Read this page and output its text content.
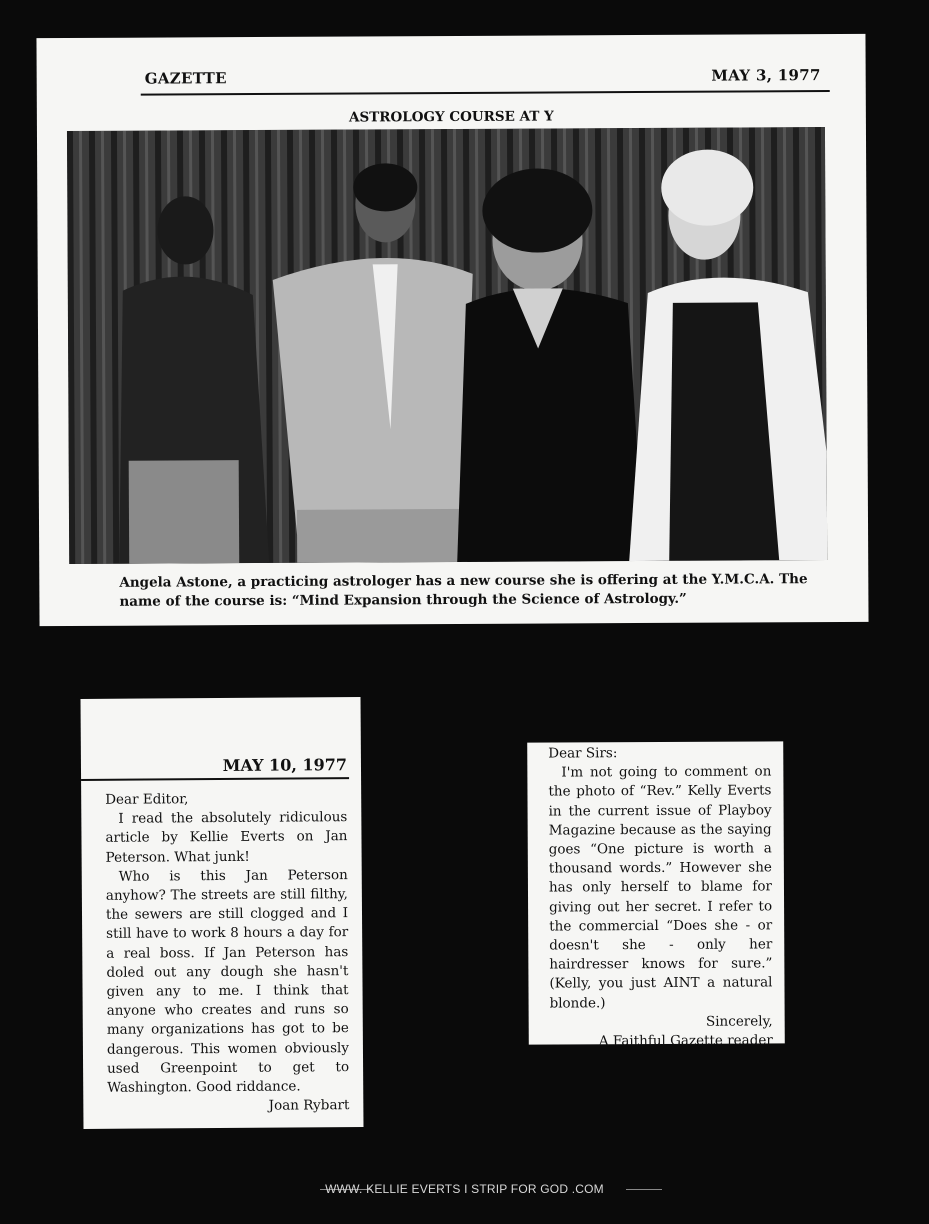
GAZETTE	MAY 3, 1977
ASTROLOGY COURSE AT Y
Angela Astone, a practicing astrologer has a new course she is offering at the Y.M.C.A. The name of the course is: “Mind Expansion through the Science of Astrology.”
MAY 10, 1977

Dear Editor,

I read the absolutely ridiculous article by Kellie Everts on Jan Peterson. What junk!

Who is this Jan Peterson anyhow? The streets are still filthy, the sewers are still clogged and I still have to work 8 hours a day for a real boss. If Jan Peterson has doled out any dough she hasn't given any to me. I think that anyone who creates and runs so many organizations has got to be dangerous. This women obviously used Greenpoint to get to Washington. Good riddance.

Joan Rybart

Dear Sirs:

I'm not going to comment on the photo of “Rev.” Kelly Everts in the current issue of Playboy Magazine because as the saying goes “One picture is worth a thousand words.” However she has only herself to blame for giving out her secret. I refer to the commercial “Does she - or doesn't she - only her hairdresser knows for sure.” (Kelly, you just AINT a natural blonde.)

Sincerely,

A Faithful Gazette reader

WWW. KELLIE EVERTS I STRIP FOR GOD .COM
